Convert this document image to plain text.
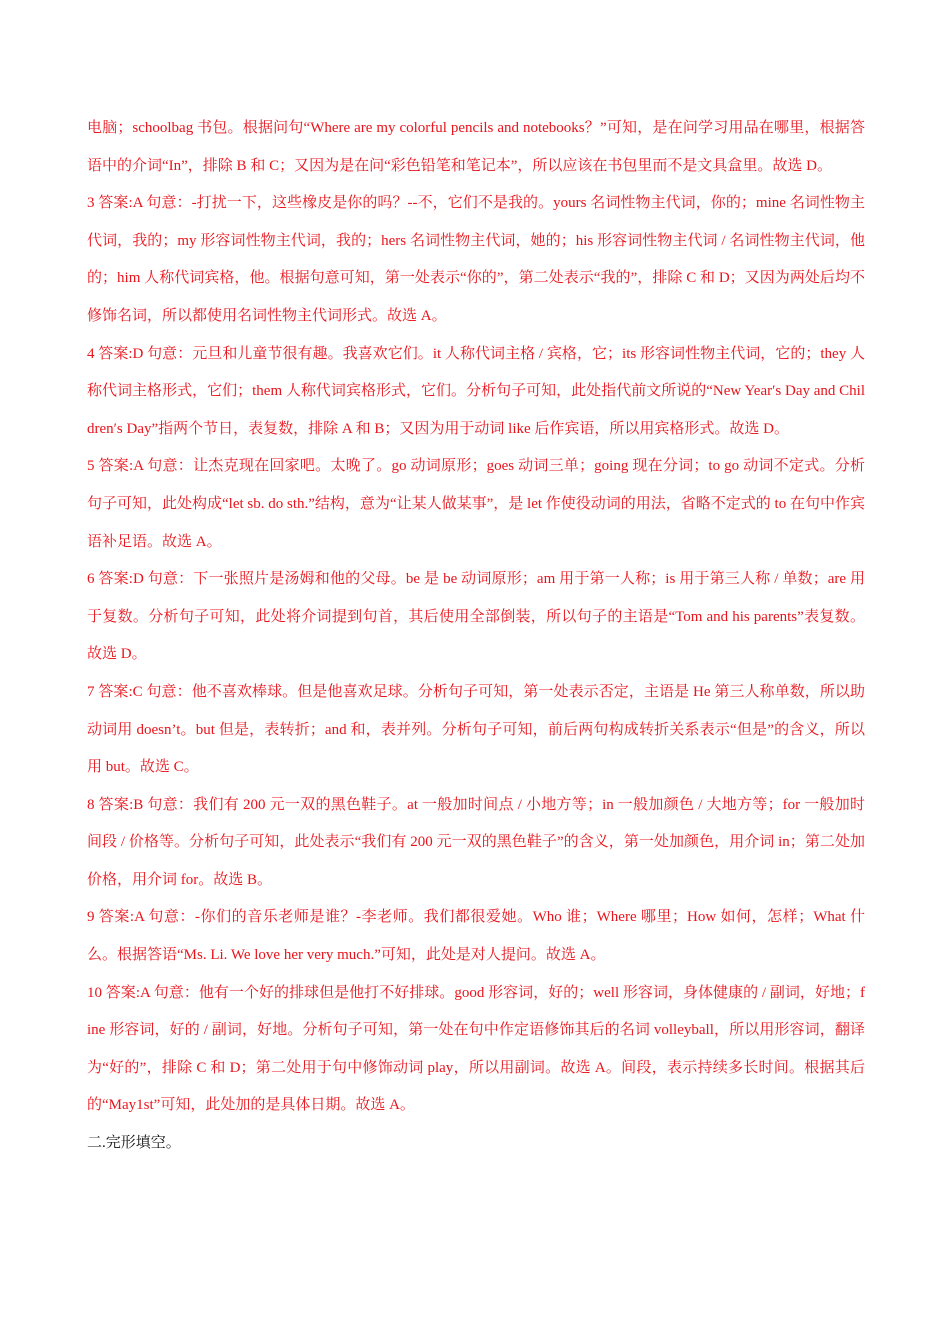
电脑；schoolbag 书包。根据问句“Where are my colorful pencils and notebooks？”可知，是在问学习用品在哪里，根据答语中的介词“In”，排除 B 和 C；又因为是在问“彩色铅笔和笔记本”，所以应该在书包里而不是文具盒里。故选 D。

3 答案:A 句意：-打扰一下，这些橡皮是你的吗？--不，它们不是我的。yours 名词性物主代词，你的；mine 名词性物主代词，我的；my 形容词性物主代词，我的；hers 名词性物主代词，她的；his 形容词性物主代词 / 名词性物主代词，他的；him 人称代词宾格，他。根据句意可知，第一处表示“你的”，第二处表示“我的”，排除 C 和 D；又因为两处后均不修饰名词，所以都使用名词性物主代词形式。故选 A。

4 答案:D 句意：元旦和儿童节很有趣。我喜欢它们。it 人称代词主格 / 宾格，它；its 形容词性物主代词，它的；they 人称代词主格形式，它们；them 人称代词宾格形式，它们。分析句子可知，此处指代前文所说的“New Year′s Day and Children′s Day”指两个节日，表复数，排除 A 和 B；又因为用于动词 like 后作宾语，所以用宾格形式。故选 D。

5 答案:A 句意：让杰克现在回家吧。太晚了。go 动词原形；goes 动词三单；going 现在分词；to go 动词不定式。分析句子可知，此处构成“let sb. do sth.”结构，意为“让某人做某事”，是 let 作使役动词的用法，省略不定式的 to 在句中作宾语补足语。故选 A。

6 答案:D 句意：下一张照片是汤姆和他的父母。be 是 be 动词原形；am 用于第一人称；is 用于第三人称 / 单数；are 用于复数。分析句子可知，此处将介词提到句首，其后使用全部倒装，所以句子的主语是“Tom and his parents”表复数。故选 D。

7 答案:C 句意：他不喜欢棒球。但是他喜欢足球。分析句子可知，第一处表示否定，主语是 He 第三人称单数，所以助动词用 doesn’t。but 但是，表转折；and 和，表并列。分析句子可知，前后两句构成转折关系表示“但是”的含义，所以用 but。故选 C。

8 答案:B 句意：我们有 200 元一双的黑色鞋子。at 一般加时间点 / 小地方等；in 一般加颜色 / 大地方等；for 一般加时间段 / 价格等。分析句子可知，此处表示“我们有 200 元一双的黑色鞋子”的含义，第一处加颜色，用介词 in；第二处加价格，用介词 for。故选 B。

9 答案:A 句意：-你们的音乐老师是谁？-李老师。我们都很爱她。Who 谁；Where 哪里；How 如何，怎样；What 什么。根据答语“Ms. Li. We love her very much.”可知，此处是对人提问。故选 A。

10 答案:A 句意：他有一个好的排球但是他打不好排球。good 形容词，好的；well 形容词，身体健康的 / 副词，好地；fine 形容词，好的 / 副词，好地。分析句子可知，第一处在句中作定语修饰其后的名词 volleyball，所以用形容词，翻译为“好的”，排除 C 和 D；第二处用于句中修饰动词 play，所以用副词。故选 A。间段，表示持续多长时间。根据其后的“May1st”可知，此处加的是具体日期。故选 A。

二.完形填空。
